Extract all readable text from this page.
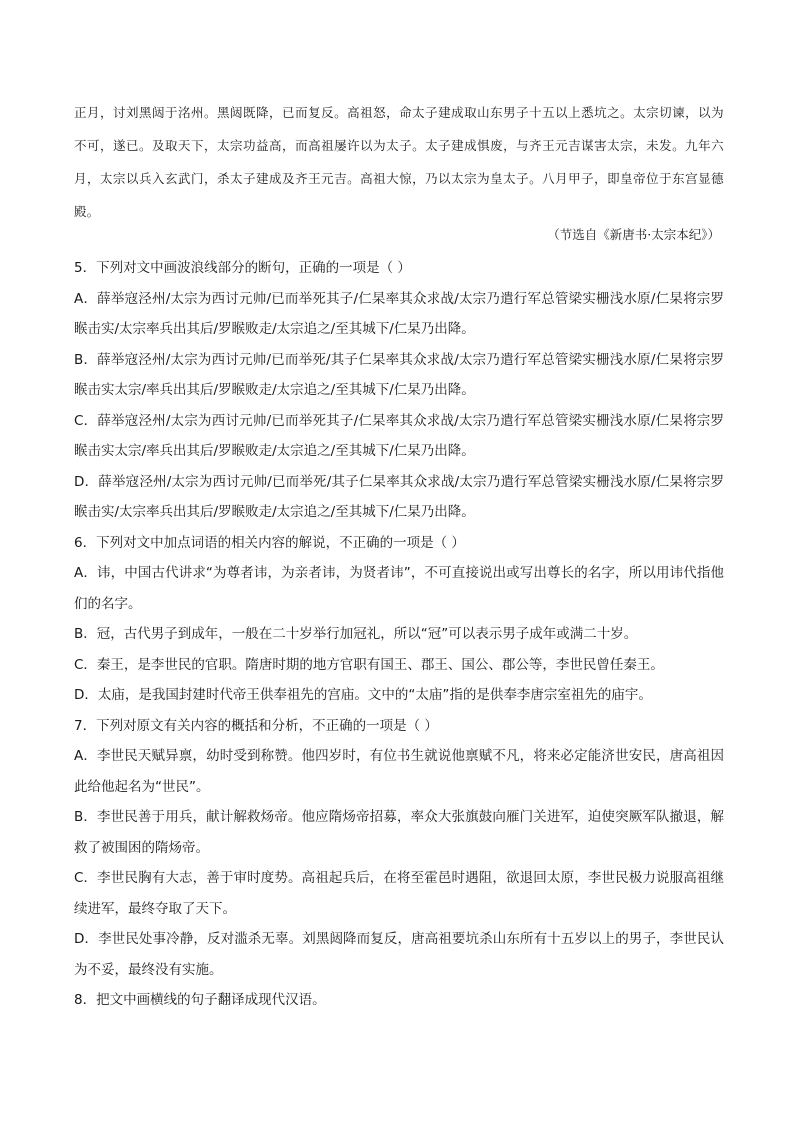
正月，讨刘黑闼于洺州。黑闼既降，已而复反。高祖怒，命太子建成取山东男子十五以上悉坑之。太宗切谏，以为不可，遂已。及取天下，太宗功益高，而高祖屡许以为太子。太子建成惧废，与齐王元吉谋害太宗，未发。九年六月，太宗以兵入玄武门，杀太子建成及齐王元吉。高祖大惊，乃以太宗为皇太子。八月甲子，即皇帝位于东宫显德殿。
（节选自《新唐书·太宗本纪》）

5．下列对文中画波浪线部分的断句，正确的一项是（ ）

A．薛举寇泾州/太宗为西讨元帅/已而举死其子/仁杲率其众求战/太宗乃遣行军总管梁实栅浅水原/仁杲将宗罗睺击实/太宗率兵出其后/罗睺败走/太宗追之/至其城下/仁杲乃出降。

B．薛举寇泾州/太宗为西讨元帅/已而举死/其子仁杲率其众求战/太宗乃遣行军总管梁实栅浅水原/仁杲将宗罗睺击实太宗/率兵出其后/罗睺败走/太宗追之/至其城下/仁杲乃出降。

C．薛举寇泾州/太宗为西讨元帅/已而举死其子/仁杲率其众求战/太宗乃遣行军总管梁实栅浅水原/仁杲将宗罗睺击实太宗/率兵出其后/罗睺败走/太宗追之/至其城下/仁杲乃出降。

D．薛举寇泾州/太宗为西讨元帅/已而举死/其子仁杲率其众求战/太宗乃遣行军总管梁实栅浅水原/仁杲将宗罗睺击实/太宗率兵出其后/罗睺败走/太宗追之/至其城下/仁杲乃出降。

6．下列对文中加点词语的相关内容的解说，不正确的一项是（ ）

A．讳，中国古代讲求“为尊者讳，为亲者讳，为贤者讳”，不可直接说出或写出尊长的名字，所以用讳代指他们的名字。

B．冠，古代男子到成年，一般在二十岁举行加冠礼，所以“冠”可以表示男子成年或满二十岁。

C．秦王，是李世民的官职。隋唐时期的地方官职有国王、郡王、国公、郡公等，李世民曾任秦王。

D．太庙，是我国封建时代帝王供奉祖先的宫庙。文中的“太庙”指的是供奉李唐宗室祖先的庙宇。

7．下列对原文有关内容的概括和分析，不正确的一项是（ ）

A．李世民天赋异禀，幼时受到称赞。他四岁时，有位书生就说他禀赋不凡，将来必定能济世安民，唐高祖因此给他起名为“世民”。

B．李世民善于用兵，献计解救炀帝。他应隋炀帝招募，率众大张旗鼓向雁门关进军，迫使突厥军队撤退，解救了被围困的隋炀帝。

C．李世民胸有大志，善于审时度势。高祖起兵后，在将至霍邑时遇阻，欲退回太原，李世民极力说服高祖继续进军，最终夺取了天下。

D．李世民处事冷静，反对滥杀无辜。刘黑闼降而复反，唐高祖要坑杀山东所有十五岁以上的男子，李世民认为不妥，最终没有实施。

8．把文中画横线的句子翻译成现代汉语。
